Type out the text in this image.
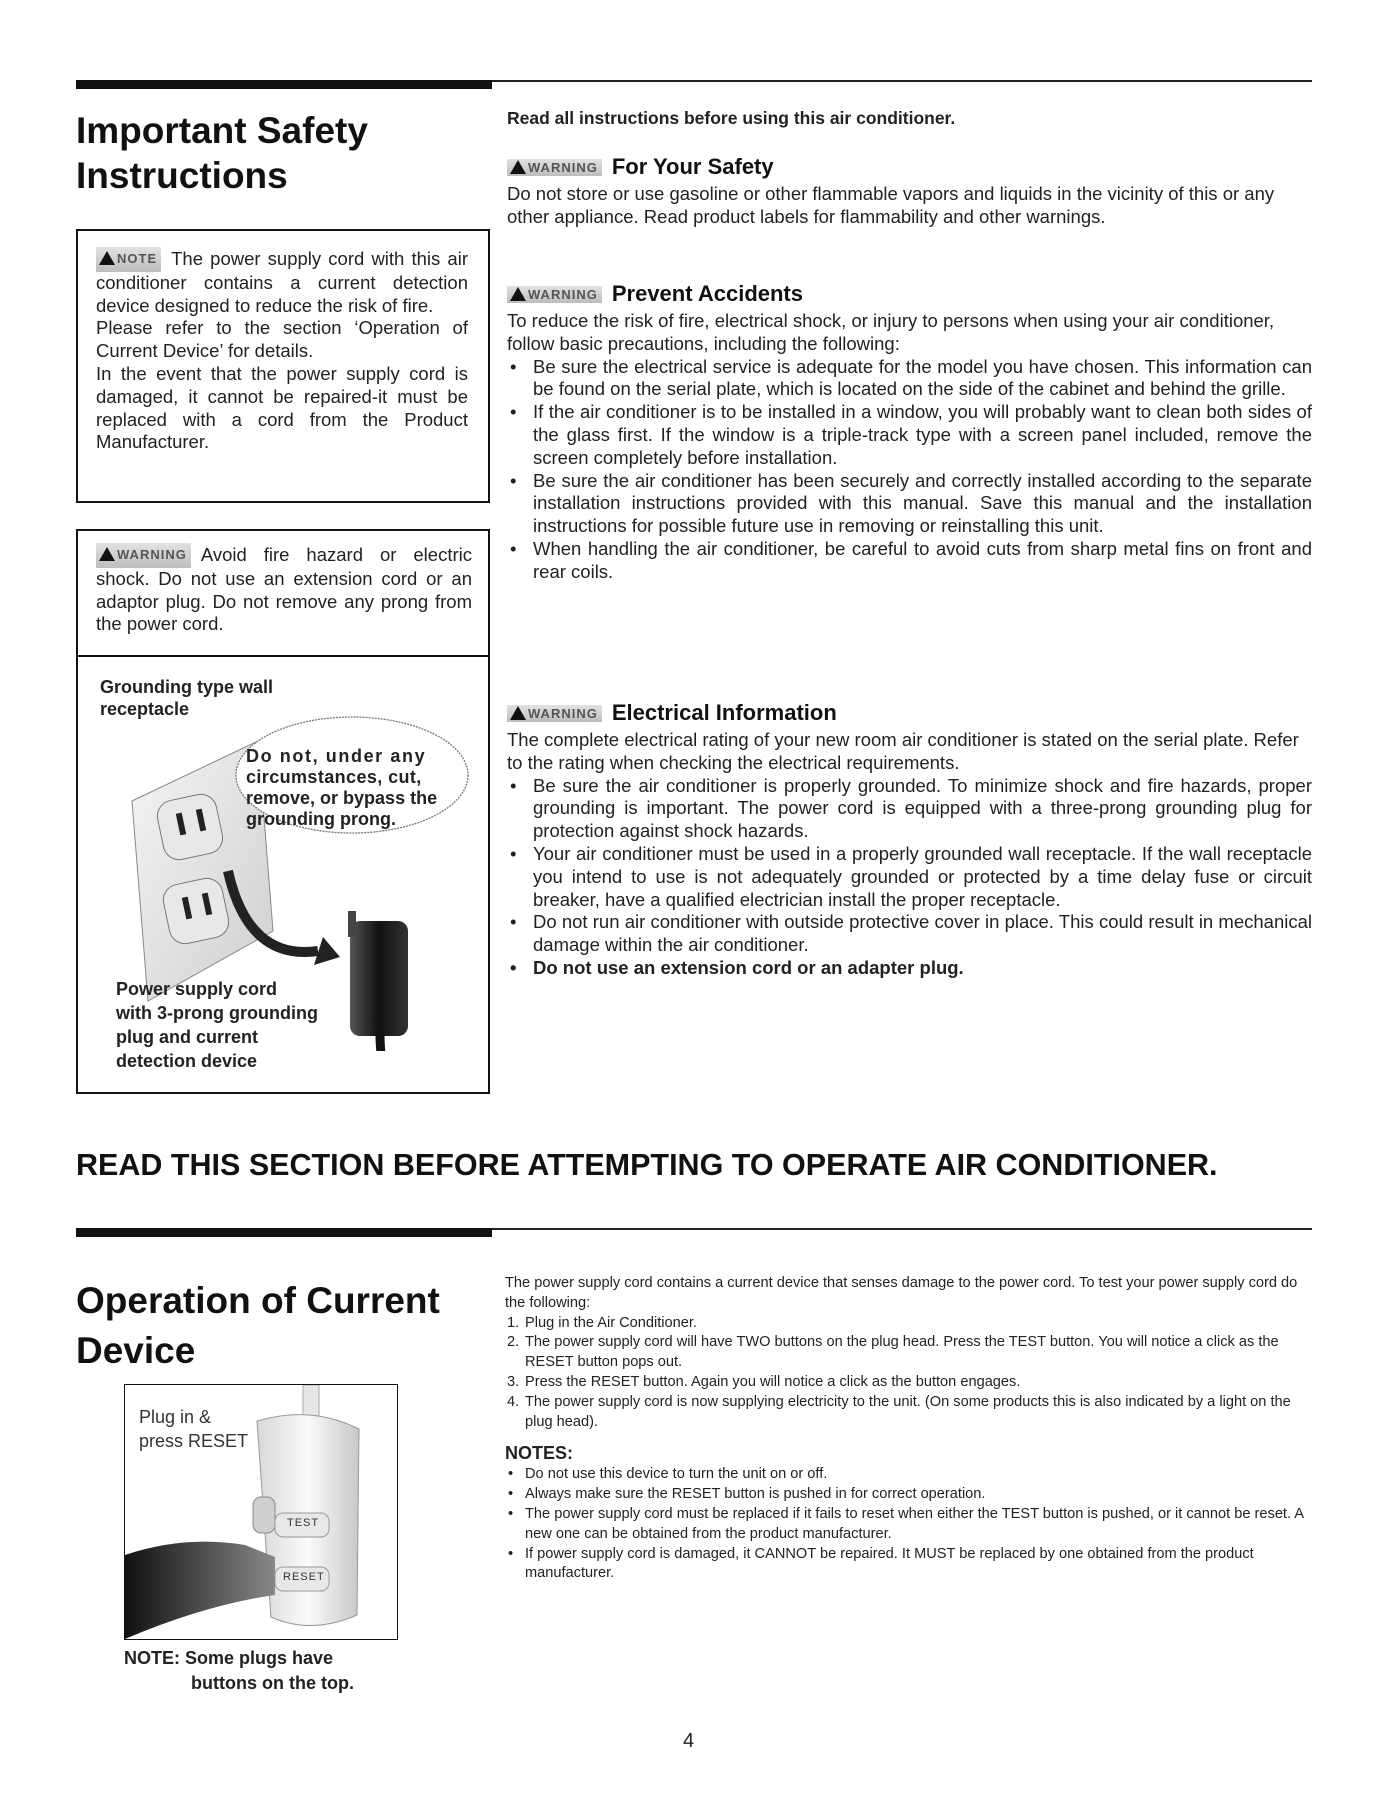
Important Safety
Instructions
NOTE The power supply cord with this air conditioner contains a current detection device designed to reduce the risk of fire.
Please refer to the section ‘Operation of Current Device’ for details.
In the event that the power supply cord is damaged, it cannot be repaired-it must be replaced with a cord from the Product Manufacturer.
WARNING Avoid fire hazard or electric shock. Do not use an extension cord or an adaptor plug. Do not remove any prong from the power cord.
Grounding type wall
receptacle
Do not, under any
circumstances, cut,
remove, or bypass the
grounding prong.
Power supply cord
with 3-prong grounding
plug and current
detection device
Read all instructions before using this air conditioner.
WARNING For Your Safety
Do not store or use gasoline or other flammable vapors and liquids in the vicinity of this or any other appliance. Read product labels for flammability and other warnings.
WARNING Prevent Accidents
To reduce the risk of fire, electrical shock, or injury to persons when using your air conditioner, follow basic precautions, including the following:
• Be sure the electrical service is adequate for the model you have chosen. This information can be found on the serial plate, which is located on the side of the cabinet and behind the grille.
• If the air conditioner is to be installed in a window, you will probably want to clean both sides of the glass first. If the window is a triple-track type with a screen panel included, remove the screen completely before installation.
• Be sure the air conditioner has been securely and correctly installed according to the separate installation instructions provided with this manual. Save this manual and the installation instructions for possible future use in removing or reinstalling this unit.
• When handling the air conditioner, be careful to avoid cuts from sharp metal fins on front and rear coils.
WARNING Electrical Information
The complete electrical rating of your new room air conditioner is stated on the serial plate. Refer to the rating when checking the electrical requirements.
• Be sure the air conditioner is properly grounded. To minimize shock and fire hazards, proper grounding is important. The power cord is equipped with a three-prong grounding plug for protection against shock hazards.
• Your air conditioner must be used in a properly grounded wall receptacle. If the wall receptacle you intend to use is not adequately grounded or protected by a time delay fuse or circuit breaker, have a qualified electrician install the proper receptacle.
• Do not run air conditioner with outside protective cover in place. This could result in mechanical damage within the air conditioner.
• Do not use an extension cord or an adapter plug.
READ THIS SECTION BEFORE ATTEMPTING TO OPERATE AIR CONDITIONER.
Operation of Current
Device
Plug in &
press RESET
TEST
RESET
NOTE: Some plugs have
buttons on the top.
The power supply cord contains a current device that senses damage to the power cord. To test your power supply cord do the following:
1. Plug in the Air Conditioner.
2. The power supply cord will have TWO buttons on the plug head. Press the TEST button. You will notice a click as the RESET button pops out.
3. Press the RESET button. Again you will notice a click as the button engages.
4. The power supply cord is now supplying electricity to the unit. (On some products this is also indicated by a light on the plug head).
NOTES:
• Do not use this device to turn the unit on or off.
• Always make sure the RESET button is pushed in for correct operation.
• The power supply cord must be replaced if it fails to reset when either the TEST button is pushed, or it cannot be reset. A new one can be obtained from the product manufacturer.
• If power supply cord is damaged, it CANNOT be repaired. It MUST be replaced by one obtained from the product manufacturer.
4
